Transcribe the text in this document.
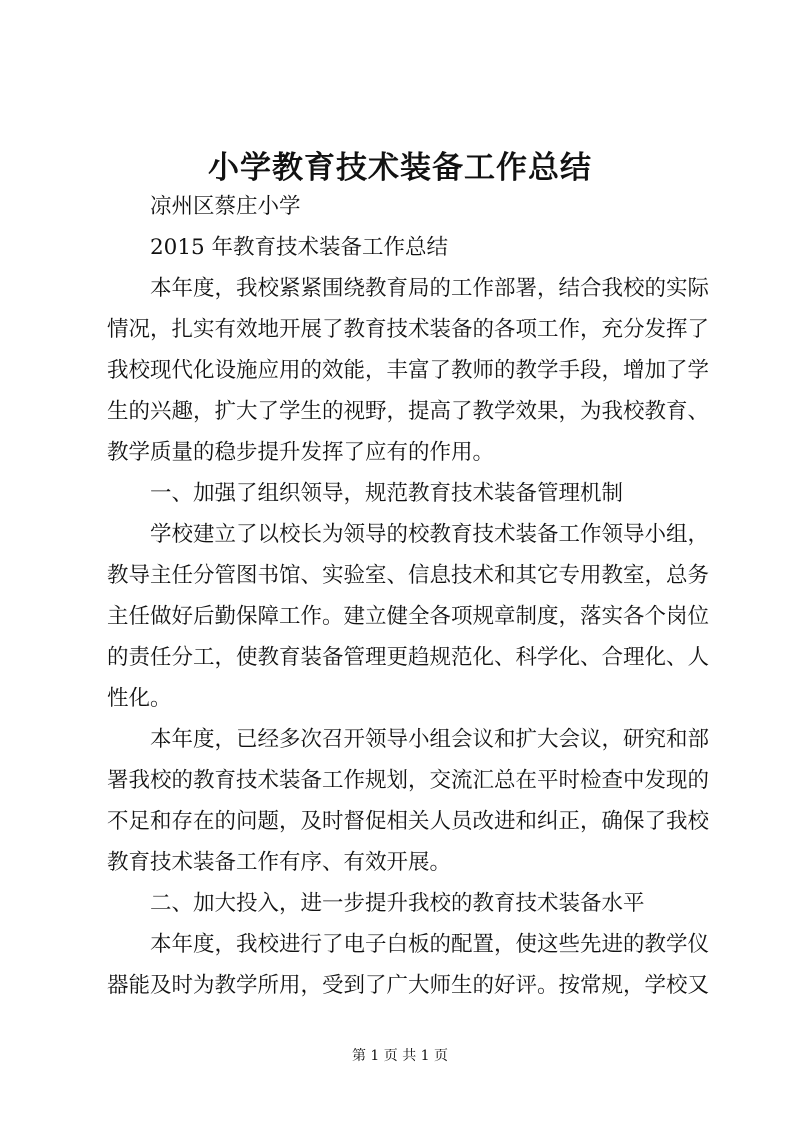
小学教育技术装备工作总结

凉州区蔡庄小学

2015 年教育技术装备工作总结

本年度，我校紧紧围绕教育局的工作部署，结合我校的实际

情况，扎实有效地开展了教育技术装备的各项工作，充分发挥了

我校现代化设施应用的效能，丰富了教师的教学手段，增加了学

生的兴趣，扩大了学生的视野，提高了教学效果，为我校教育、

教学质量的稳步提升发挥了应有的作用。

一、加强了组织领导，规范教育技术装备管理机制

学校建立了以校长为领导的校教育技术装备工作领导小组，

教导主任分管图书馆、实验室、信息技术和其它专用教室，总务

主任做好后勤保障工作。建立健全各项规章制度，落实各个岗位

的责任分工，使教育装备管理更趋规范化、科学化、合理化、人

性化。

本年度，已经多次召开领导小组会议和扩大会议，研究和部

署我校的教育技术装备工作规划，交流汇总在平时检查中发现的

不足和存在的问题，及时督促相关人员改进和纠正，确保了我校

教育技术装备工作有序、有效开展。

二、加大投入，进一步提升我校的教育技术装备水平

本年度，我校进行了电子白板的配置，使这些先进的教学仪

器能及时为教学所用，受到了广大师生的好评。按常规，学校又

第 1 页 共 1 页
